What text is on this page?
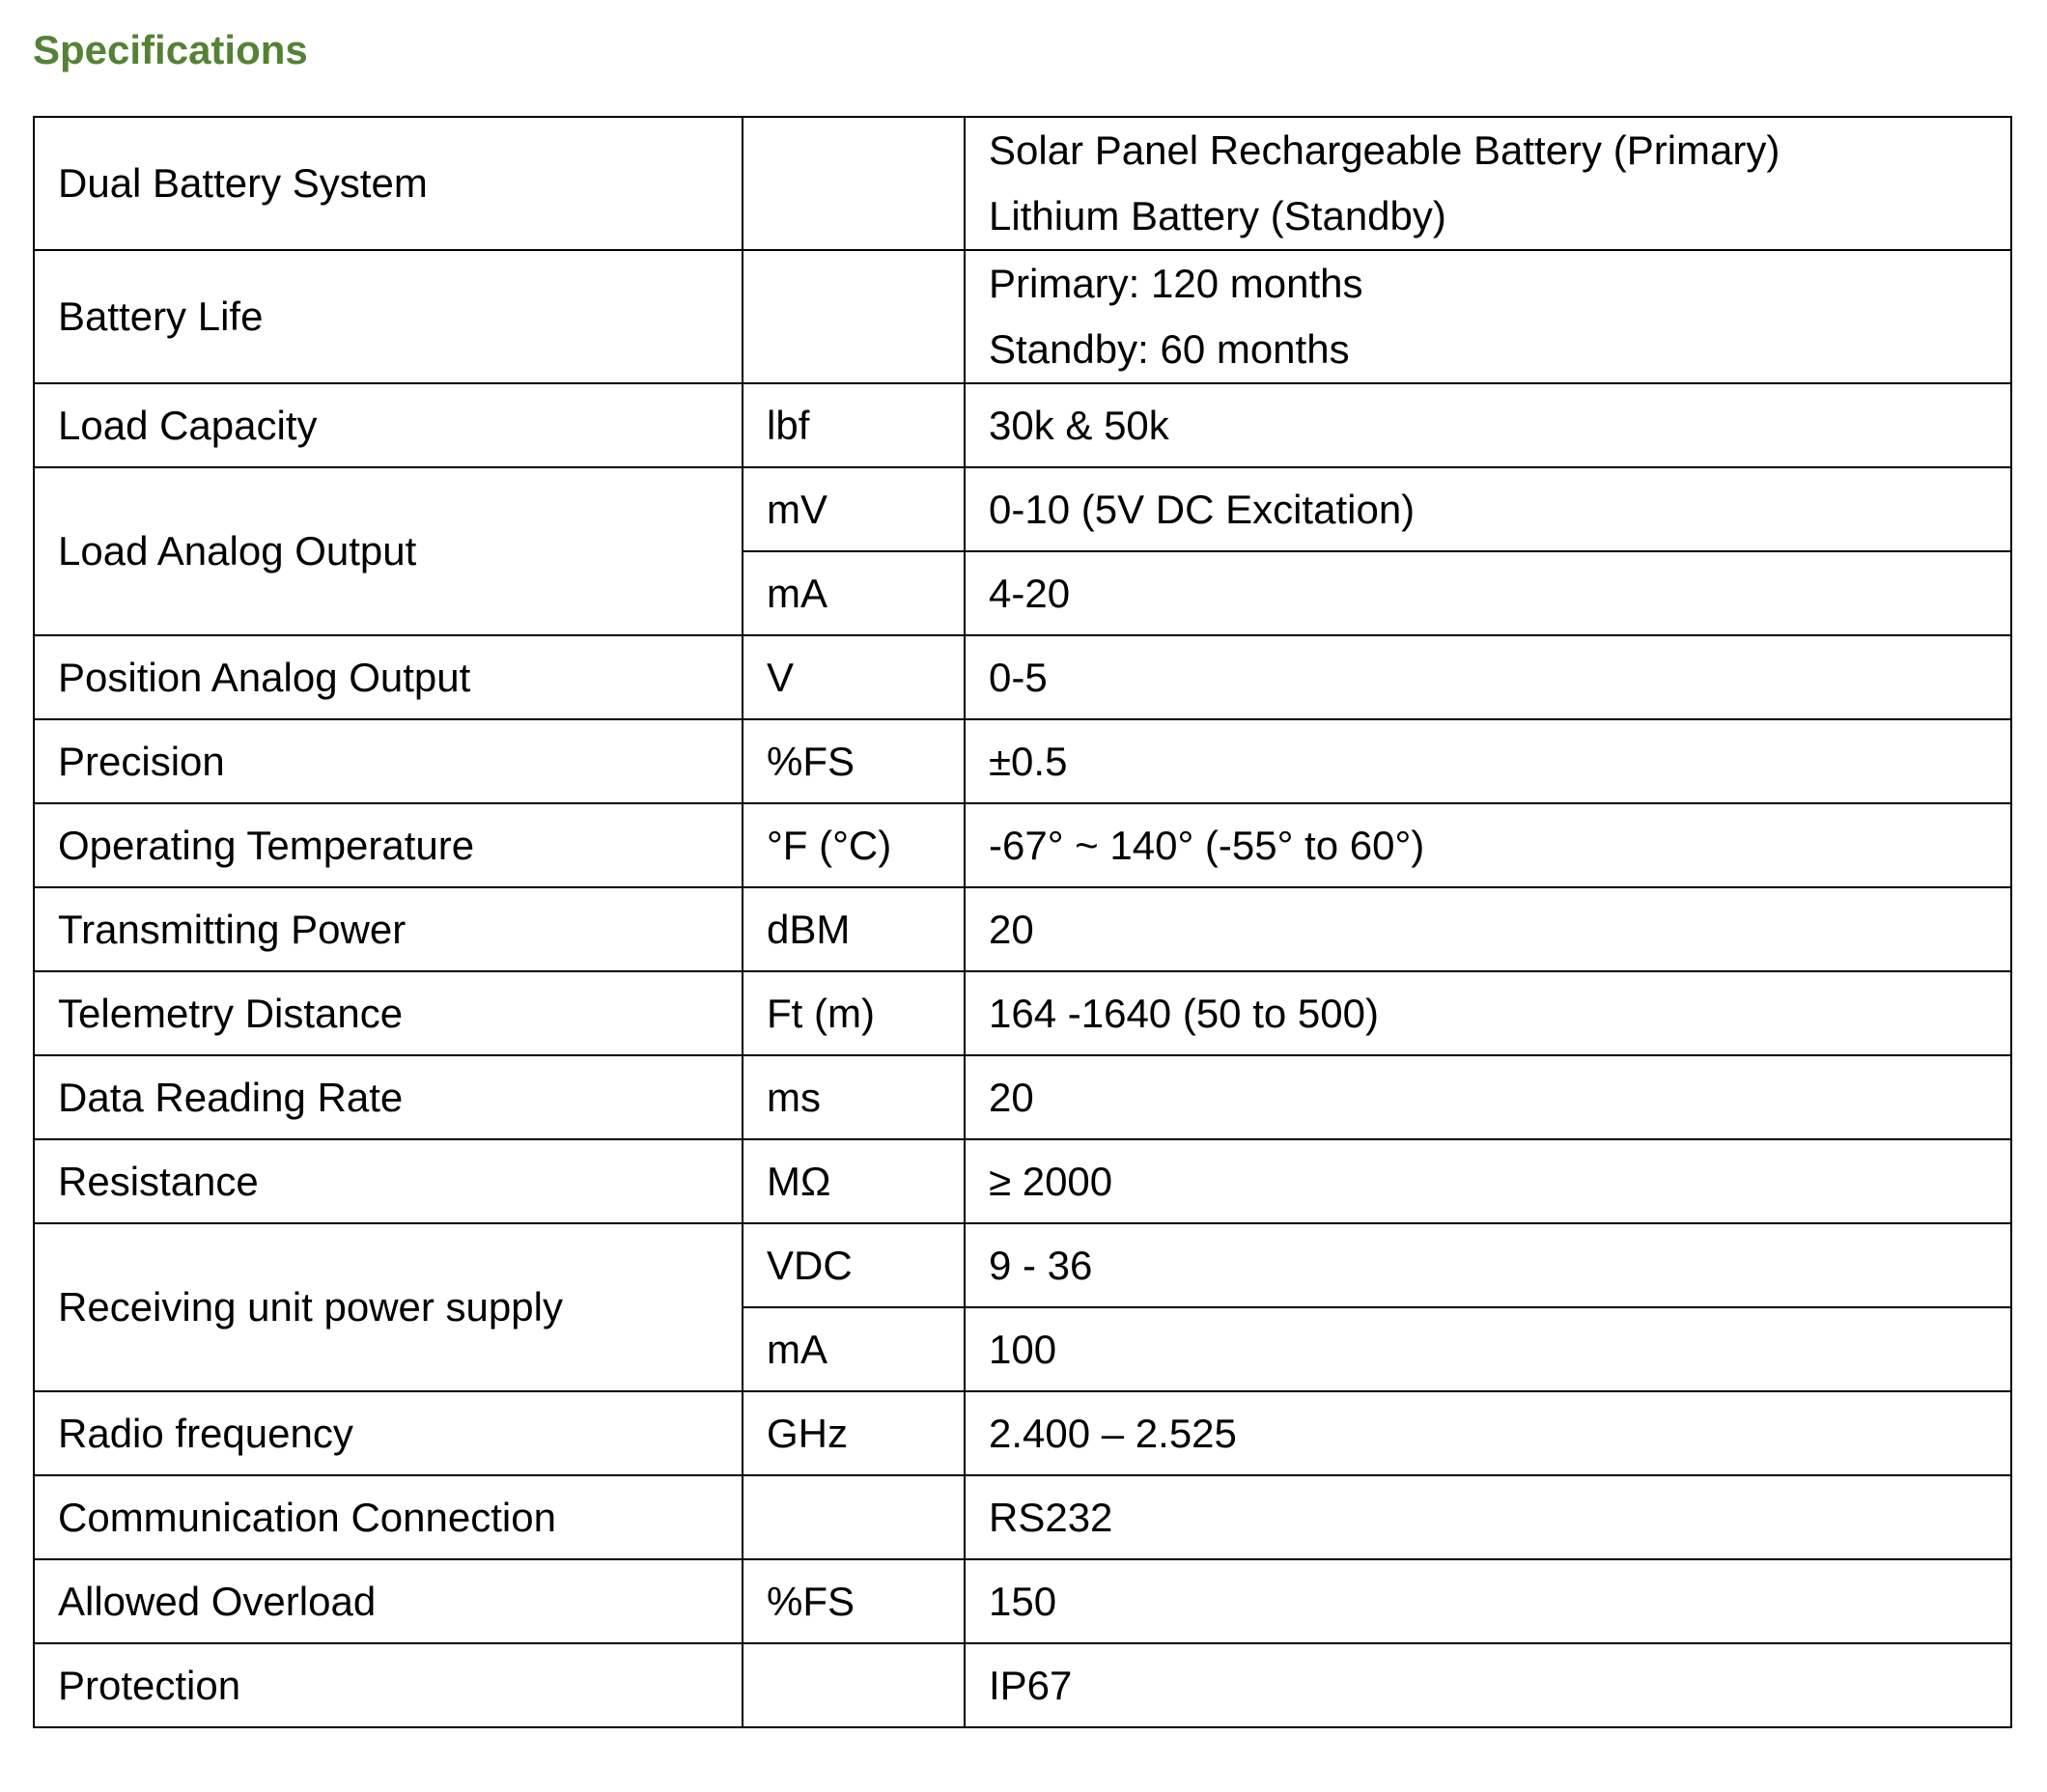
Specifications
Dual Battery System		Solar Panel Rechargeable Battery (Primary)
Lithium Battery (Standby)

Battery Life		Primary: 120 months
Standby: 60 months

Load Capacity	lbf	30k & 50k
Load Analog Output	mV	0-10 (5V DC Excitation)
	mA	4-20
Position Analog Output	V	0-5
Precision	%FS	±0.5
Operating Temperature	°F (°C)	-67° ~ 140° (-55° to 60°)
Transmitting Power	dBM	20
Telemetry Distance	Ft (m)	164 -1640 (50 to 500)
Data Reading Rate	ms	20
Resistance	MΩ	≥ 2000
Receiving unit power supply	VDC	9 - 36
	mA	100
Radio frequency	GHz	2.400 – 2.525
Communication Connection		RS232
Allowed Overload	%FS	150
Protection		IP67
